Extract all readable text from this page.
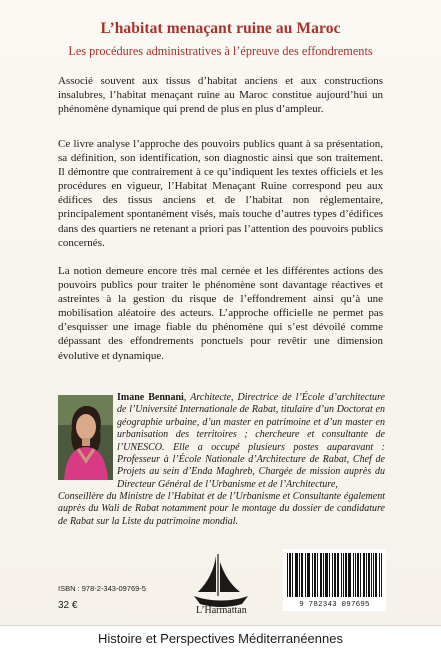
L’habitat menaçant ruine au Maroc
Les procédures administratives à l’épreuve des effondrements

Associé souvent aux tissus d’habitat anciens et aux constructions insalubres, l’habitat menaçant ruine au Maroc constitue aujourd’hui un phénomène dynamique qui prend de plus en plus d’ampleur.

Ce livre analyse l’approche des pouvoirs publics quant à sa présentation, sa définition, son identification, son diagnostic ainsi que son traitement. Il démontre que contrairement à ce qu’indiquent les textes officiels et les procédures en vigueur, l’Habitat Menaçant Ruine correspond peu aux édifices des tissus anciens et de l’habitat non réglementaire, principalement spontanément visés, mais touche d’autres types d’édifices dans des quartiers ne retenant a priori pas l’attention des pouvoirs publics concernés.

La notion demeure encore très mal cernée et les différentes actions des pouvoirs publics pour traiter le phénomène sont davantage réactives et astreintes à la gestion du risque de l’effondrement ainsi qu’à une mobilisation aléatoire des acteurs. L’approche officielle ne permet pas d’esquisser une image fiable du phénomène qui s’est dévoilé comme dépassant des effondrements ponctuels pour revêtir une dimension évolutive et dynamique.

Imane Bennani, Architecte, Directrice de l’École d’architecture de l’Université Internationale de Rabat, titulaire d’un Doctorat en géographie urbaine, d’un master en patrimoine et d’un master en urbanisation des territoires ; chercheure et consultante de l’UNESCO. Elle a occupé plusieurs postes auparavant : Professeur à l’École Nationale d’Architecture de Rabat, Chef de Projets au sein d’Enda Maghreb, Chargée de mission auprès du Directeur Général de l’Urbanisme et de l’Architecture,

Conseillère du Ministre de l’Habitat et de l’Urbanisme et Consultante également auprès du Wali de Rabat notamment pour le montage du dossier de candidature de Rabat sur la Liste du patrimoine mondial.

ISBN : 978-2-343-09769-5
32 €	L’Harmattan	9 782343 097695
Histoire et Perspectives Méditerranéennes
